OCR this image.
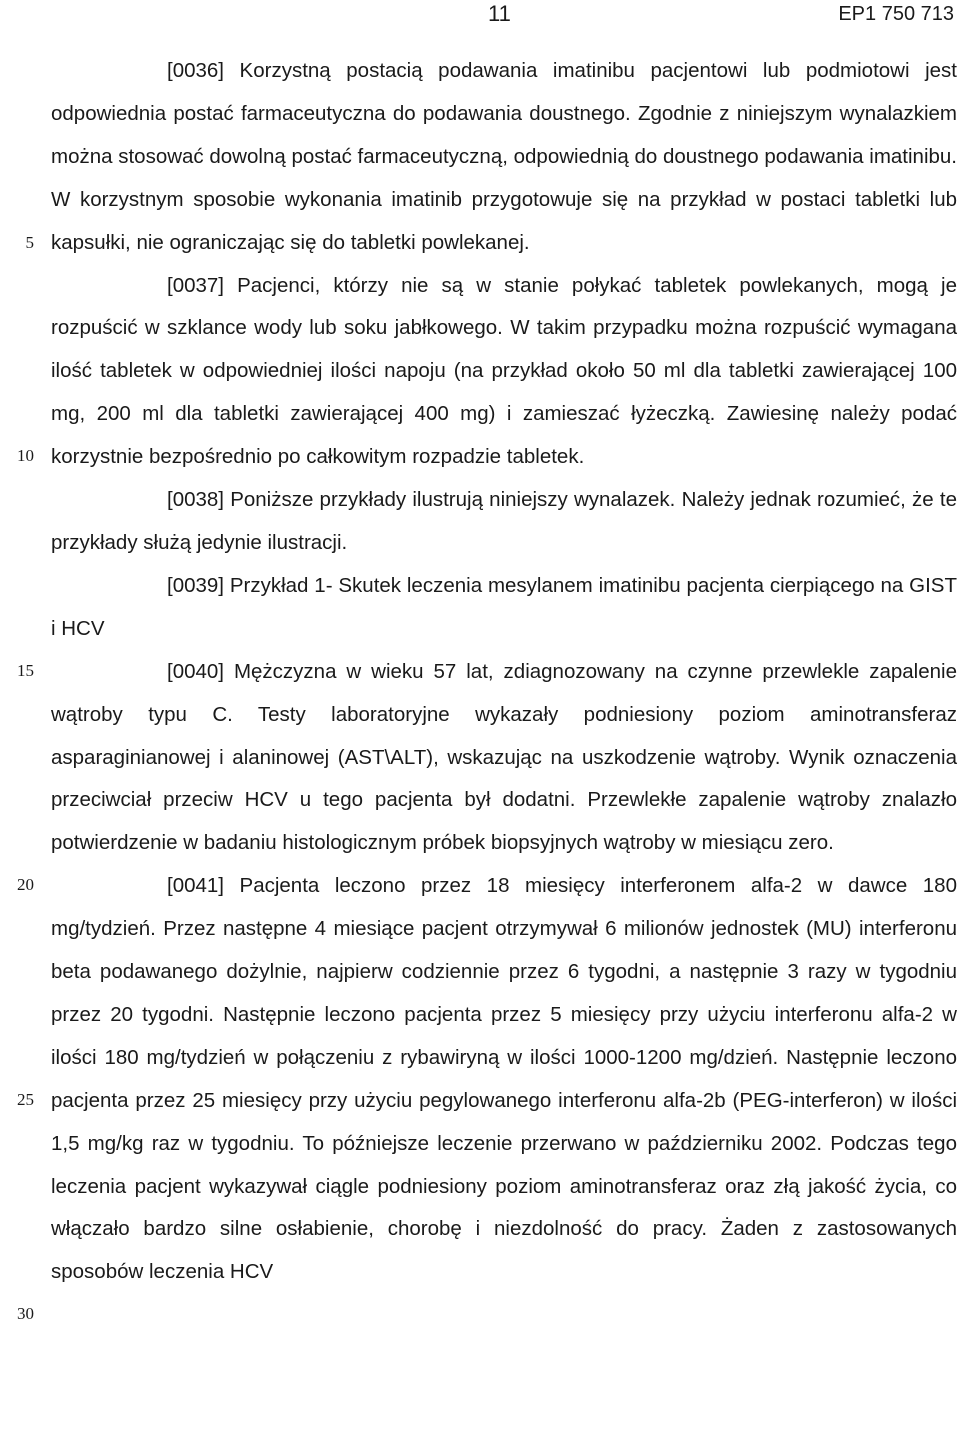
11	EP1 750 713
5
10
15
20
25
30

[0036] Korzystną postacią podawania imatinibu pacjentowi lub podmiotowi jest odpowiednia postać farmaceutyczna do podawania doustnego. Zgodnie z niniejszym wynalazkiem można stosować dowolną postać farmaceutyczną, odpowiednią do doustnego podawania imatinibu. W korzystnym sposobie wykonania imatinib przygotowuje się na przykład w postaci tabletki lub kapsułki, nie ograniczając się do tabletki powlekanej.

[0037] Pacjenci, którzy nie są w stanie połykać tabletek powlekanych, mogą je rozpuścić w szklance wody lub soku jabłkowego. W takim przypadku można rozpuścić wymagana ilość tabletek w odpowiedniej ilości napoju (na przykład około 50 ml dla tabletki zawierającej 100 mg, 200 ml dla tabletki zawierającej 400 mg) i zamieszać łyżeczką. Zawiesinę należy podać korzystnie bezpośrednio po całkowitym rozpadzie tabletek.

[0038] Poniższe przykłady ilustrują niniejszy wynalazek. Należy jednak rozumieć, że te przykłady służą jedynie ilustracji.

[0039] Przykład 1- Skutek leczenia mesylanem imatinibu pacjenta cierpiącego na GIST i HCV

[0040] Mężczyzna w wieku 57 lat, zdiagnozowany na czynne przewlekle zapalenie wątroby typu C. Testy laboratoryjne wykazały podniesiony poziom aminotransferaz asparaginianowej i alaninowej (AST\ALT), wskazując na uszkodzenie wątroby. Wynik oznaczenia przeciwciał przeciw HCV u tego pacjenta był dodatni. Przewlekłe zapalenie wątroby znalazło potwierdzenie w badaniu histologicznym próbek biopsyjnych wątroby w miesiącu zero.

[0041] Pacjenta leczono przez 18 miesięcy interferonem alfa-2 w dawce 180 mg/tydzień. Przez następne 4 miesiące pacjent otrzymywał 6 milionów jednostek (MU) interferonu beta podawanego dożylnie, najpierw codziennie przez 6 tygodni, a następnie 3 razy w tygodniu przez 20 tygodni. Następnie leczono pacjenta przez 5 miesięcy przy użyciu interferonu alfa-2 w ilości 180 mg/tydzień w połączeniu z rybawiryną w ilości 1000-1200 mg/dzień. Następnie leczono pacjenta przez 25 miesięcy przy użyciu pegylowanego interferonu alfa-2b (PEG-interferon) w ilości 1,5 mg/kg raz w tygodniu. To późniejsze leczenie przerwano w październiku 2002. Podczas tego leczenia pacjent wykazywał ciągle podniesiony poziom aminotransferaz oraz złą jakość życia, co włączało bardzo silne osłabienie, chorobę i niezdolność do pracy. Żaden z zastosowanych sposobów leczenia HCV
